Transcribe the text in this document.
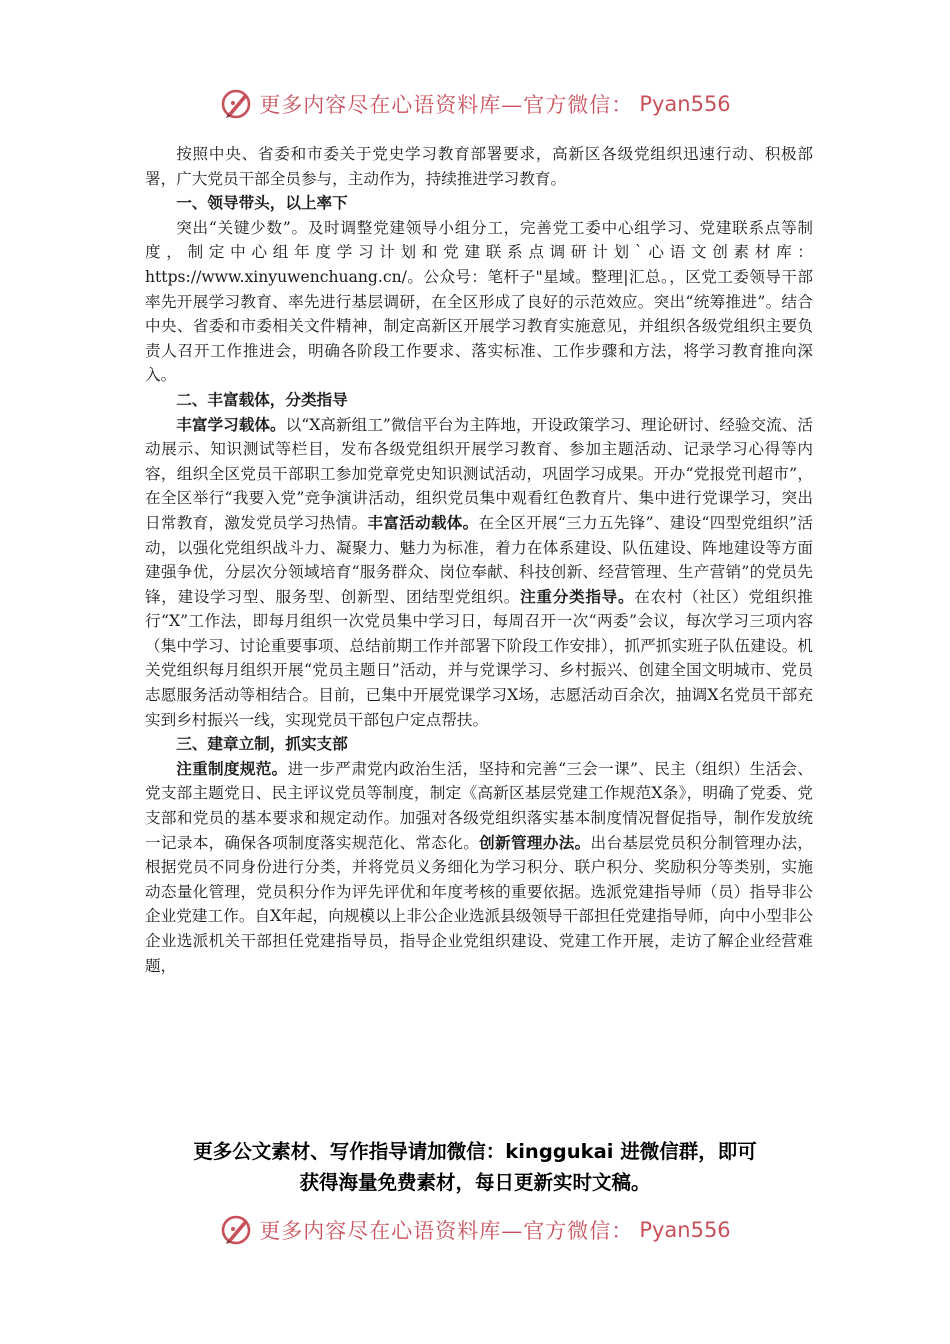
更多内容尽在心语资料库—官方微信： Pyan556

按照中央、省委和市委关于党史学习教育部署要求，高新区各级党组织迅速行动、积极部署，广大党员干部全员参与，主动作为，持续推进学习教育。

一、领导带头，以上率下

突出“关键少数”。及时调整党建领导小组分工，完善党工委中心组学习、党建联系点等制度，制定中心组年度学习计划和党建联系点调研计划`心语文创素材库：https://www.xinyuwenchuang.cn/。公众号：笔杆子"星域。整理|汇总。，区党工委领导干部率先开展学习教育、率先进行基层调研，在全区形成了良好的示范效应。突出“统筹推进”。结合中央、省委和市委相关文件精神，制定高新区开展学习教育实施意见，并组织各级党组织主要负责人召开工作推进会，明确各阶段工作要求、落实标准、工作步骤和方法，将学习教育推向深入。

二、丰富载体，分类指导

丰富学习载体。以“X高新组工”微信平台为主阵地，开设政策学习、理论研讨、经验交流、活动展示、知识测试等栏目，发布各级党组织开展学习教育、参加主题活动、记录学习心得等内容，组织全区党员干部职工参加党章党史知识测试活动，巩固学习成果。开办“党报党刊超市”，在全区举行“我要入党”竞争演讲活动，组织党员集中观看红色教育片、集中进行党课学习，突出日常教育，激发党员学习热情。丰富活动载体。在全区开展“三力五先锋”、建设“四型党组织”活动，以强化党组织战斗力、凝聚力、魅力为标准，着力在体系建设、队伍建设、阵地建设等方面建强争优，分层次分领域培育“服务群众、岗位奉献、科技创新、经营管理、生产营销”的党员先锋，建设学习型、服务型、创新型、团结型党组织。注重分类指导。在农村（社区）党组织推行“X”工作法，即每月组织一次党员集中学习日，每周召开一次“两委”会议，每次学习三项内容（集中学习、讨论重要事项、总结前期工作并部署下阶段工作安排），抓严抓实班子队伍建设。机关党组织每月组织开展“党员主题日”活动，并与党课学习、乡村振兴、创建全国文明城市、党员志愿服务活动等相结合。目前，已集中开展党课学习X场，志愿活动百余次，抽调X名党员干部充实到乡村振兴一线，实现党员干部包户定点帮扶。

三、建章立制，抓实支部

注重制度规范。进一步严肃党内政治生活，坚持和完善“三会一课”、民主（组织）生活会、党支部主题党日、民主评议党员等制度，制定《高新区基层党建工作规范X条》，明确了党委、党支部和党员的基本要求和规定动作。加强对各级党组织落实基本制度情况督促指导，制作发放统一记录本，确保各项制度落实规范化、常态化。创新管理办法。出台基层党员积分制管理办法，根据党员不同身份进行分类，并将党员义务细化为学习积分、联户积分、奖励积分等类别，实施动态量化管理，党员积分作为评先评优和年度考核的重要依据。选派党建指导师（员）指导非公企业党建工作。自X年起，向规模以上非公企业选派县级领导干部担任党建指导师，向中小型非公企业选派机关干部担任党建指导员，指导企业党组织建设、党建工作开展，走访了解企业经营难题，

更多公文素材、写作指导请加微信：kinggukai 进微信群，即可
获得海量免费素材，每日更新实时文稿。
更多内容尽在心语资料库—官方微信： Pyan556
